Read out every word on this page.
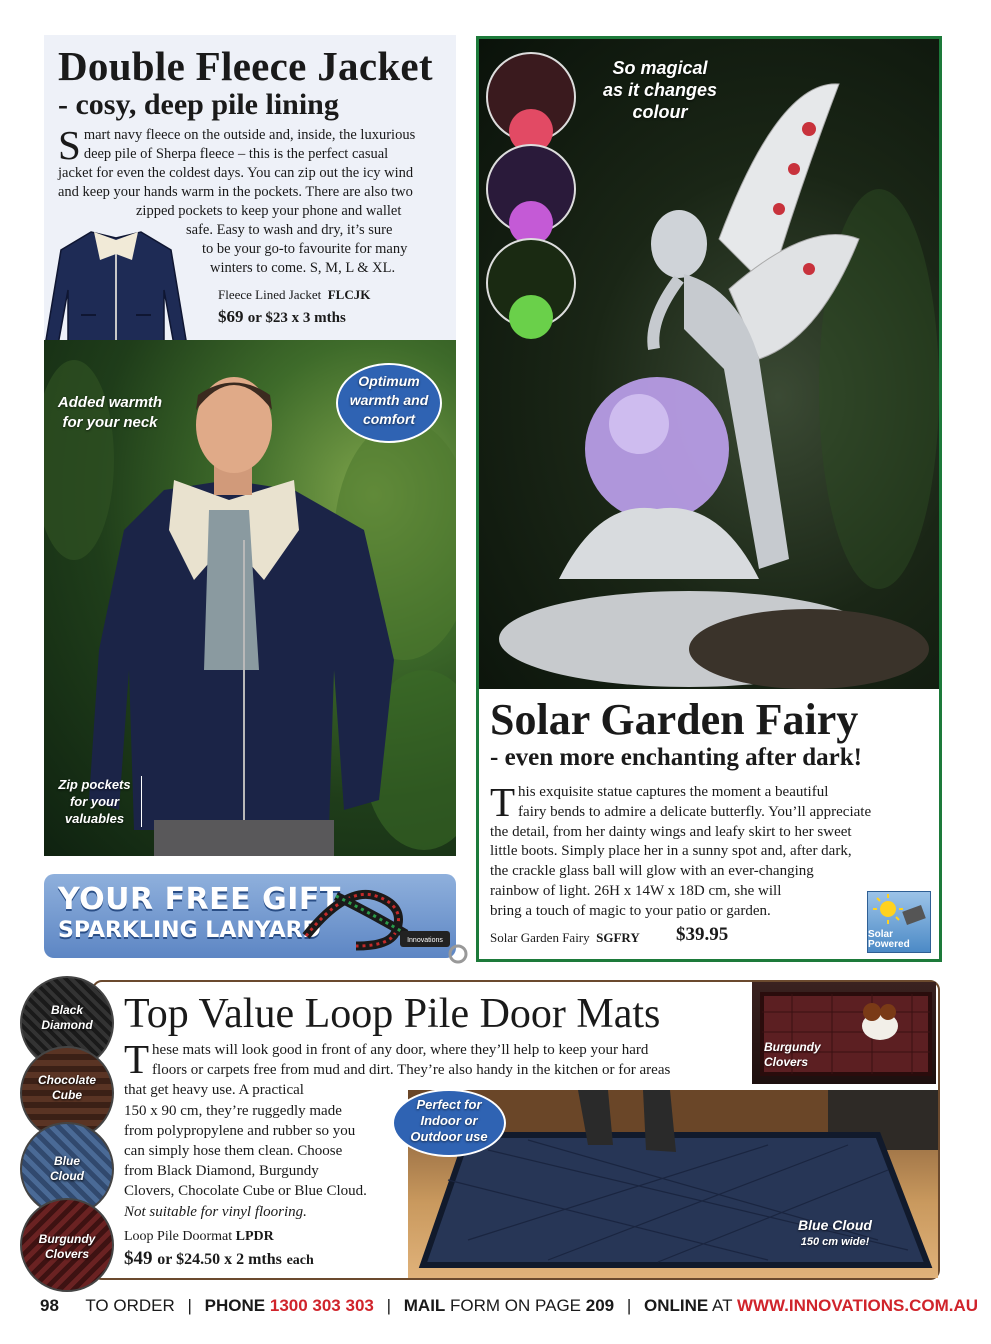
Double Fleece Jacket
- cosy, deep pile lining
S mart navy fleece on the outside and, inside, the luxurious
deep pile of Sherpa fleece – this is the perfect casual
jacket for even the coldest days. You can zip out the icy wind
and keep your hands warm in the pockets. There are also two
zipped pockets to keep your phone and wallet
safe. Easy to wash and dry, it’s sure
to be your go-to favourite for many
winters to come. S, M, L & XL.
Fleece Lined Jacket FLCJK
$69 or $23 x 3 mths
Added warmth
for your neck
Optimum
warmth and
comfort
Zip pockets
for your
valuables
YOUR FREE GIFT
SPARKLING LANYARD	Innovations
So magical
as it changes
colour
Solar Garden Fairy
- even more enchanting after dark!
T his exquisite statue captures the moment a beautiful
fairy bends to admire a delicate butterfly. You’ll appreciate
the detail, from her dainty wings and leafy skirt to her sweet
little boots. Simply place her in a sunny spot and, after dark,
the crackle glass ball will glow with an ever-changing
rainbow of light. 26H x 14W x 18D cm, she will
bring a touch of magic to your patio or garden.
Solar Garden Fairy SGFRY $39.95	Solar
Powered
Top Value Loop Pile Door Mats
T hese mats will look good in front of any door, where they’ll help to keep your hard
floors or carpets free from mud and dirt. They’re also handy in the kitchen or for areas
that get heavy use. A practical
150 x 90 cm, they’re ruggedly made
from polypropylene and rubber so you
can simply hose them clean. Choose
from Black Diamond, Burgundy
Clovers, Chocolate Cube or Blue Cloud.
Not suitable for vinyl flooring.
Loop Pile Doormat LPDR
$49 or $24.50 x 2 mths each
Black
Diamond
Chocolate
Cube
Blue
Cloud
Burgundy
Clovers
Burgundy
Clovers
Perfect for
Indoor or
Outdoor use
Blue Cloud
150 cm wide!
98 TO ORDER | PHONE 1300 303 303 | MAIL FORM ON PAGE 209 | ONLINE AT WWW.INNOVATIONS.COM.AU
